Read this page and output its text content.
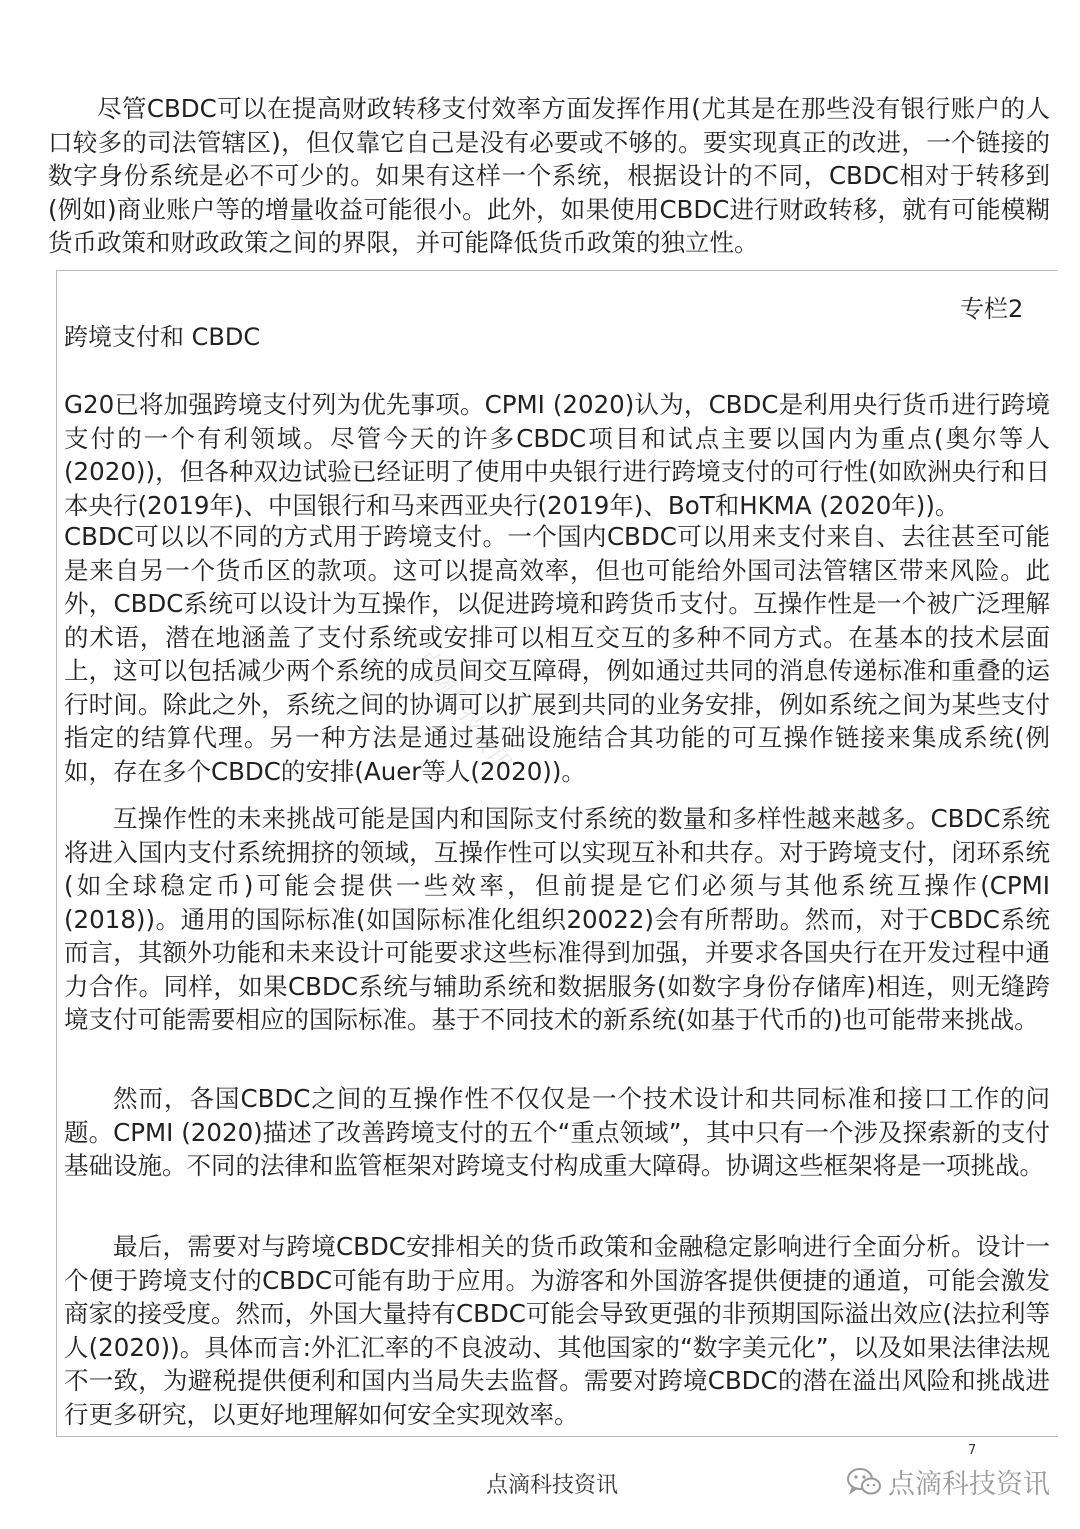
尽管CBDC可以在提高财政转移支付效率方面发挥作用(尤其是在那些没有银行账户的人口较多的司法管辖区)，但仅靠它自己是没有必要或不够的。要实现真正的改进，一个链接的数字身份系统是必不可少的。如果有这样一个系统，根据设计的不同，CBDC相对于转移到(例如)商业账户等的增量收益可能很小。此外，如果使用CBDC进行财政转移，就有可能模糊货币政策和财政政策之间的界限，并可能降低货币政策的独立性。

专栏2
跨境支付和 CBDC

G20已将加强跨境支付列为优先事项。CPMI (2020)认为，CBDC是利用央行货币进行跨境支付的一个有利领域。尽管今天的许多CBDC项目和试点主要以国内为重点(奥尔等人(2020))，但各种双边试验已经证明了使用中央银行进行跨境支付的可行性(如欧洲央行和日本央行(2019年)、中国银行和马来西亚央行(2019年)、BoT和HKMA (2020年))。

CBDC可以以不同的方式用于跨境支付。一个国内CBDC可以用来支付来自、去往甚至可能是来自另一个货币区的款项。这可以提高效率，但也可能给外国司法管辖区带来风险。此外，CBDC系统可以设计为互操作，以促进跨境和跨货币支付。互操作性是一个被广泛理解的术语，潜在地涵盖了支付系统或安排可以相互交互的多种不同方式。在基本的技术层面上，这可以包括减少两个系统的成员间交互障碍，例如通过共同的消息传递标准和重叠的运行时间。除此之外，系统之间的协调可以扩展到共同的业务安排，例如系统之间为某些支付指定的结算代理。另一种方法是通过基础设施结合其功能的可互操作链接来集成系统(例如，存在多个CBDC的安排(Auer等人(2020))。

互操作性的未来挑战可能是国内和国际支付系统的数量和多样性越来越多。CBDC系统将进入国内支付系统拥挤的领域，互操作性可以实现互补和共存。对于跨境支付，闭环系统(如全球稳定币)可能会提供一些效率，但前提是它们必须与其他系统互操作(CPMI (2018))。通用的国际标准(如国际标准化组织20022)会有所帮助。然而，对于CBDC系统而言，其额外功能和未来设计可能要求这些标准得到加强，并要求各国央行在开发过程中通力合作。同样，如果CBDC系统与辅助系统和数据服务(如数字身份存储库)相连，则无缝跨境支付可能需要相应的国际标准。基于不同技术的新系统(如基于代币的)也可能带来挑战。

然而，各国CBDC之间的互操作性不仅仅是一个技术设计和共同标准和接口工作的问题。CPMI (2020)描述了改善跨境支付的五个“重点领域”，其中只有一个涉及探索新的支付基础设施。不同的法律和监管框架对跨境支付构成重大障碍。协调这些框架将是一项挑战。

最后，需要对与跨境CBDC安排相关的货币政策和金融稳定影响进行全面分析。设计一个便于跨境支付的CBDC可能有助于应用。为游客和外国游客提供便捷的通道，可能会激发商家的接受度。然而，外国大量持有CBDC可能会导致更强的非预期国际溢出效应(法拉利等人(2020))。具体而言:外汇汇率的不良波动、其他国家的“数字美元化”，以及如果法律法规不一致，为避税提供便利和国内当局失去监督。需要对跨境CBDC的潜在溢出风险和挑战进行更多研究，以更好地理解如何安全实现效率。

点滴科技资讯
7
点滴科技资讯	点滴科技资讯
